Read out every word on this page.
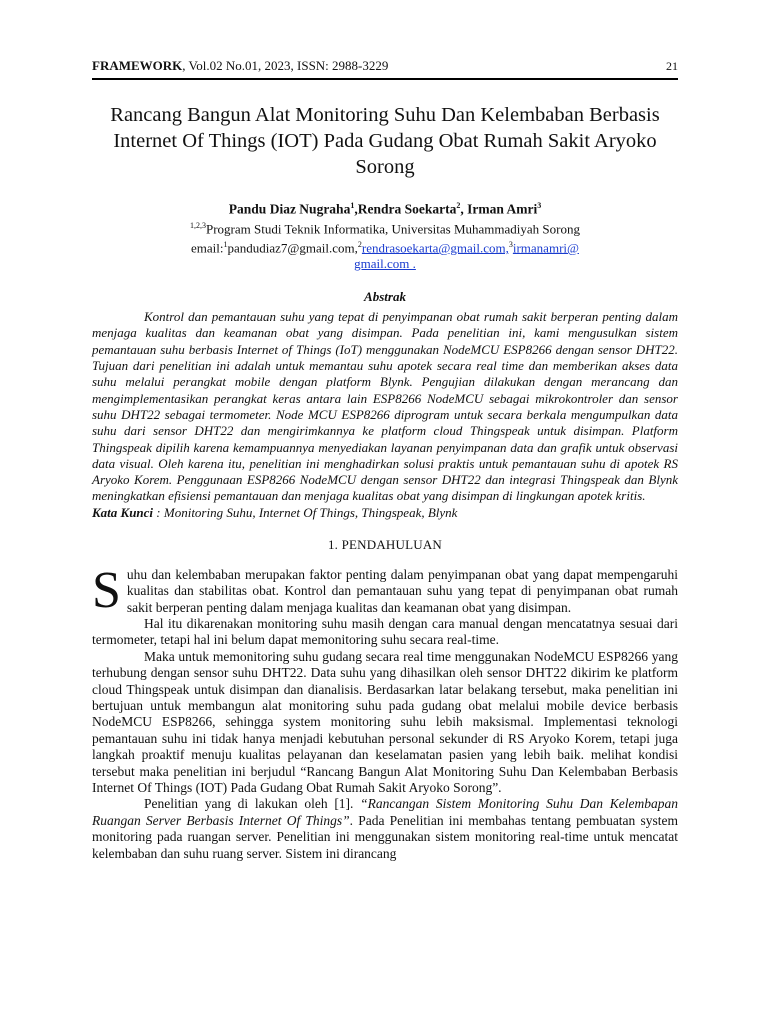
FRAMEWORK, Vol.02 No.01, 2023, ISSN: 2988-3229	21
Rancang Bangun Alat Monitoring Suhu Dan Kelembaban Berbasis Internet Of Things (IOT) Pada Gudang Obat Rumah Sakit Aryoko Sorong
Pandu Diaz Nugraha$^1$,Rendra Soekarta$^2$, Irman Amri$^3$
$^{1,2,3}$Program Studi Teknik Informatika, Universitas Muhammadiyah Sorong
email:$^1$pandudiaz7@gmail.com,$^2$rendrasoekarta@gmail.com,$^3$irmanamri@
gmail.com .
Abstrak
Kontrol dan pemantauan suhu yang tepat di penyimpanan obat rumah sakit berperan penting dalam menjaga kualitas dan keamanan obat yang disimpan. Pada penelitian ini, kami mengusulkan sistem pemantauan suhu berbasis Internet of Things (IoT) menggunakan NodeMCU ESP8266 dengan sensor DHT22. Tujuan dari penelitian ini adalah untuk memantau suhu apotek secara real time dan memberikan akses data suhu melalui perangkat mobile dengan platform Blynk. Pengujian dilakukan dengan merancang dan mengimplementasikan perangkat keras antara lain ESP8266 NodeMCU sebagai mikrokontroler dan sensor suhu DHT22 sebagai termometer. Node MCU ESP8266 diprogram untuk secara berkala mengumpulkan data suhu dari sensor DHT22 dan mengirimkannya ke platform cloud Thingspeak untuk disimpan. Platform Thingspeak dipilih karena kemampuannya menyediakan layanan penyimpanan data dan grafik untuk observasi data visual. Oleh karena itu, penelitian ini menghadirkan solusi praktis untuk pemantauan suhu di apotek RS Aryoko Korem. Penggunaan ESP8266 NodeMCU dengan sensor DHT22 dan integrasi Thingspeak dan Blynk meningkatkan efisiensi pemantauan dan menjaga kualitas obat yang disimpan di lingkungan apotek kritis.
Kata Kunci : Monitoring Suhu, Internet Of Things, Thingspeak, Blynk
1. PENDAHULUAN

Suhu dan kelembaban merupakan faktor penting dalam penyimpanan obat yang dapat mempengaruhi kualitas dan stabilitas obat. Kontrol dan pemantauan suhu yang tepat di penyimpanan obat rumah sakit berperan penting dalam menjaga kualitas dan keamanan obat yang disimpan.

Hal itu dikarenakan monitoring suhu masih dengan cara manual dengan mencatatnya sesuai dari termometer, tetapi hal ini belum dapat memonitoring suhu secara real-time.

Maka untuk memonitoring suhu gudang secara real time menggunakan NodeMCU ESP8266 yang terhubung dengan sensor suhu DHT22. Data suhu yang dihasilkan oleh sensor DHT22 dikirim ke platform cloud Thingspeak untuk disimpan dan dianalisis. Berdasarkan latar belakang tersebut, maka penelitian ini bertujuan untuk membangun alat monitoring suhu pada gudang obat melalui mobile device berbasis NodeMCU ESP8266, sehingga system monitoring suhu lebih maksismal. Implementasi teknologi pemantauan suhu ini tidak hanya menjadi kebutuhan personal sekunder di RS Aryoko Korem, tetapi juga langkah proaktif menuju kualitas pelayanan dan keselamatan pasien yang lebih baik. melihat kondisi tersebut maka penelitian ini berjudul “Rancang Bangun Alat Monitoring Suhu Dan Kelembaban Berbasis Internet Of Things (IOT) Pada Gudang Obat Rumah Sakit Aryoko Sorong”.

Penelitian yang di lakukan oleh [1]. “Rancangan Sistem Monitoring Suhu Dan Kelembapan Ruangan Server Berbasis Internet Of Things”. Pada Penelitian ini membahas tentang pembuatan system monitoring pada ruangan server. Penelitian ini menggunakan sistem monitoring real-time untuk mencatat kelembaban dan suhu ruang server. Sistem ini dirancang
